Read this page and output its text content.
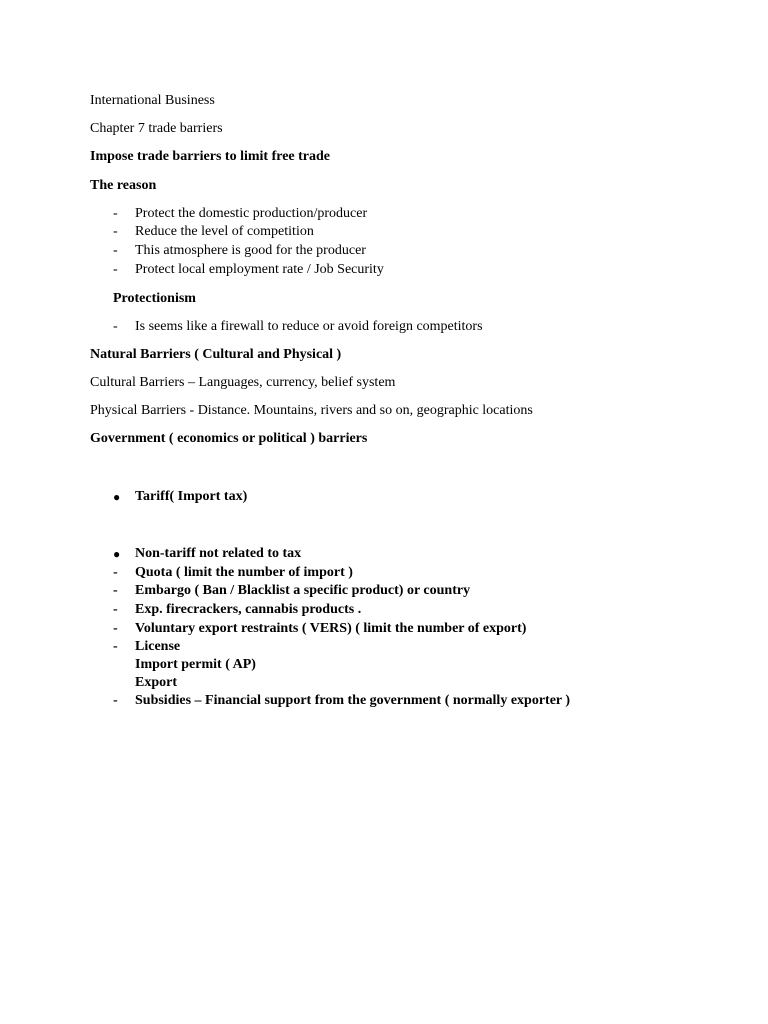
International Business
Chapter 7 trade barriers
Impose trade barriers to limit free trade
The reason
-	Protect the domestic production/producer
-	Reduce the level of competition
-	This atmosphere is good for the producer
-	Protect local employment rate / Job Security
Protectionism
-	Is seems like a firewall to reduce or avoid foreign competitors
Natural Barriers ( Cultural and Physical )
Cultural Barriers – Languages, currency, belief system
Physical Barriers - Distance. Mountains, rivers and so on, geographic locations
Government ( economics or political ) barriers
● Tariff( Import tax)
● Non-tariff not related to tax
-	Quota ( limit the number of import )
-	Embargo ( Ban / Blacklist a specific product) or country
-	Exp. firecrackers, cannabis products .
-	Voluntary export restraints ( VERS) ( limit the number of export)
-	License
Import permit ( AP)
Export
-	Subsidies – Financial support from the government ( normally exporter )
